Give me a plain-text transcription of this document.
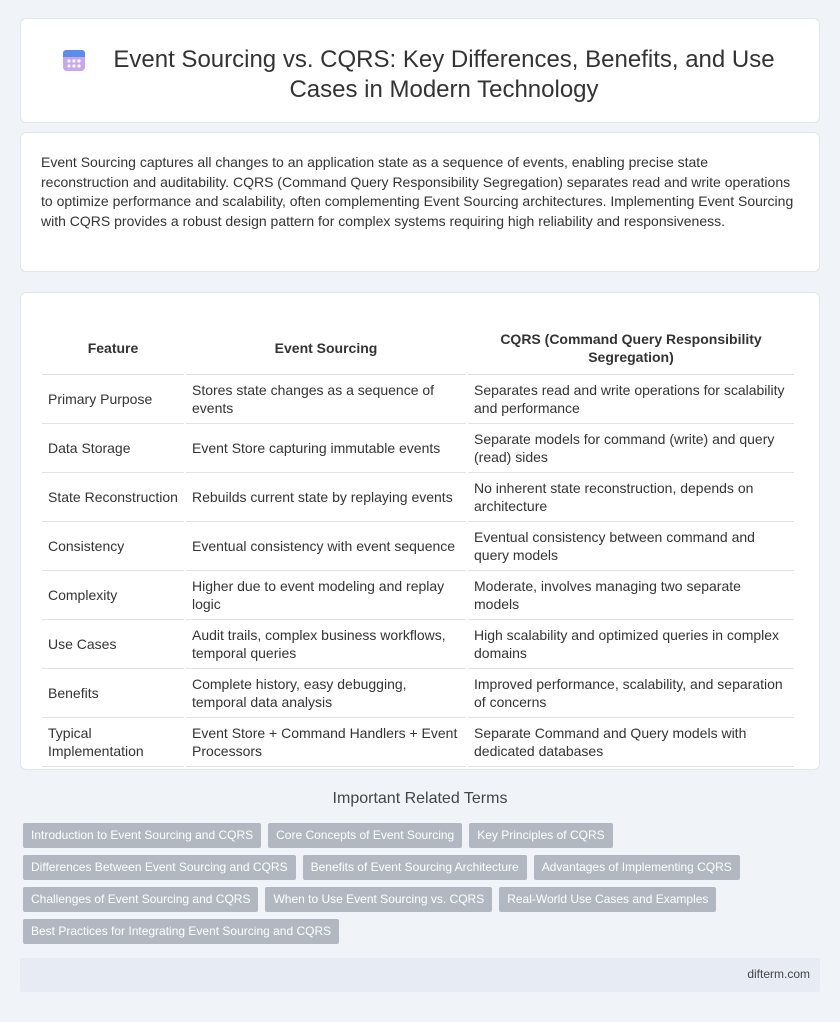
Event Sourcing vs. CQRS: Key Differences, Benefits, and Use Cases in Modern Technology

Event Sourcing captures all changes to an application state as a sequence of events, enabling precise state reconstruction and auditability. CQRS (Command Query Responsibility Segregation) separates read and write operations to optimize performance and scalability, often complementing Event Sourcing architectures. Implementing Event Sourcing with CQRS provides a robust design pattern for complex systems requiring high reliability and responsiveness.

Feature	Event Sourcing	CQRS (Command Query Responsibility Segregation)
Primary Purpose	Stores state changes as a sequence of events	Separates read and write operations for scalability and performance
Data Storage	Event Store capturing immutable events	Separate models for command (write) and query (read) sides
State Reconstruction	Rebuilds current state by replaying events	No inherent state reconstruction, depends on architecture
Consistency	Eventual consistency with event sequence	Eventual consistency between command and query models
Complexity	Higher due to event modeling and replay logic	Moderate, involves managing two separate models
Use Cases	Audit trails, complex business workflows, temporal queries	High scalability and optimized queries in complex domains
Benefits	Complete history, easy debugging, temporal data analysis	Improved performance, scalability, and separation of concerns
Typical Implementation	Event Store + Command Handlers + Event Processors	Separate Command and Query models with dedicated databases
Important Related Terms
Introduction to Event Sourcing and CQRS	Core Concepts of Event Sourcing	Key Principles of CQRS
Differences Between Event Sourcing and CQRS	Benefits of Event Sourcing Architecture	Advantages of Implementing CQRS
Challenges of Event Sourcing and CQRS	When to Use Event Sourcing vs. CQRS	Real-World Use Cases and Examples
Best Practices for Integrating Event Sourcing and CQRS
difterm.com
